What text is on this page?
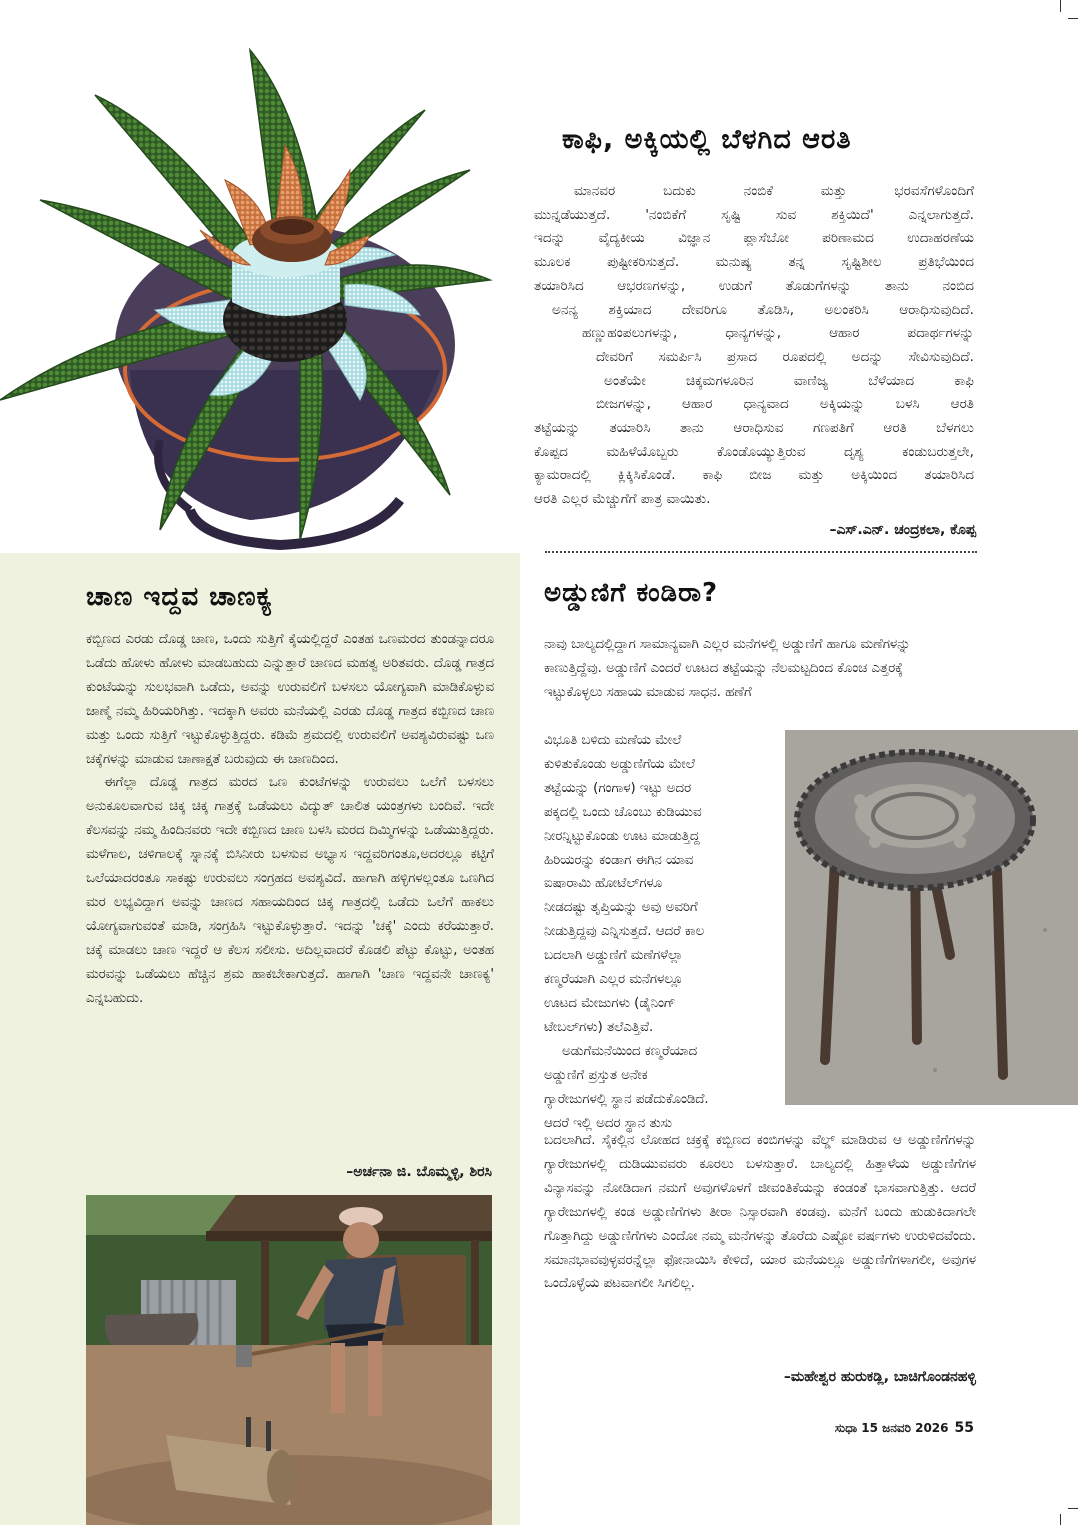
ಕಾಫಿ, ಅಕ್ಕಿಯಲ್ಲಿ ಬೆಳಗಿದ ಆರತಿ

ಮಾನವರ ಬದುಕು ನಂಬಿಕೆ ಮತ್ತು ಭರವಸೆಗಳೊಂದಿಗೆ

ಮುನ್ನಡೆಯುತ್ತದೆ. 'ನಂಬಿಕೆಗೆ ಸೃಷ್ಟಿ ಸುವ ಶಕ್ತಿಯಿದೆ' ಎನ್ನಲಾಗುತ್ತದೆ.

ಇದನ್ನು ವೈದ್ಯಕೀಯ ವಿಜ್ಞಾನ ಪ್ಲಾಸೆಬೋ ಪರಿಣಾಮದ ಉದಾಹರಣೆಯ

ಮೂಲಕ ಪುಷ್ಟೀಕರಿಸುತ್ತದೆ. ಮನುಷ್ಯ ತನ್ನ ಸೃಷ್ಟಿಶೀಲ ಪ್ರತಿಭೆಯಿಂದ

ತಯಾರಿಸಿದ ಆಭರಣಗಳನ್ನು, ಉಡುಗೆ ತೊಡುಗೆಗಳನ್ನು ತಾನು ನಂಬಿದ

ಅನನ್ಯ ಶಕ್ತಿಯಾದ ದೇವರಿಗೂ ತೊಡಿಸಿ, ಅಲಂಕರಿಸಿ ಆರಾಧಿಸುವುದಿದೆ.

ಹಣ್ಣುಹಂಪಲುಗಳನ್ನು, ಧಾನ್ಯಗಳನ್ನು, ಆಹಾರ ಪದಾರ್ಥಗಳನ್ನು

ದೇವರಿಗೆ ಸಮರ್ಪಿಸಿ ಪ್ರಸಾದ ರೂಪದಲ್ಲಿ ಅದನ್ನು ಸೇವಿಸುವುದಿದೆ.

ಅಂತೆಯೇ ಚಿಕ್ಕಮಗಳೂರಿನ ವಾಣಿಜ್ಯ ಬೆಳೆಯಾದ ಕಾಫಿ

ಬೀಜಗಳನ್ನು, ಆಹಾರ ಧಾನ್ಯವಾದ ಅಕ್ಕಿಯನ್ನು ಬಳಸಿ ಆರತಿ

ತಟ್ಟೆಯನ್ನು ತಯಾರಿಸಿ ತಾನು ಆರಾಧಿಸುವ ಗಣಪತಿಗೆ ಆರತಿ ಬೆಳಗಲು

ಕೊಪ್ಪದ ಮಹಿಳೆಯೊಬ್ಬರು ಕೊಂಡೊಯ್ಯುತ್ತಿರುವ ದೃಶ್ಯ ಕಂಡುಬರುತ್ತಲೇ,

ಕ್ಯಾಮರಾದಲ್ಲಿ ಕ್ಲಿಕ್ಕಿಸಿಕೊಂಡೆ. ಕಾಫಿ ಬೀಜ ಮತ್ತು ಅಕ್ಕಿಯಿಂದ ತಯಾರಿಸಿದ

ಆರತಿ ಎಲ್ಲರ ಮೆಚ್ಚುಗೆಗೆ ಪಾತ್ರ ವಾಯಿತು.

–ಎಸ್.ಎನ್. ಚಂದ್ರಕಲಾ, ಕೊಪ್ಪ
ಚಾಣ ಇದ್ದವ ಚಾಣಕ್ಯ

ಕಬ್ಬಿಣದ ಎರಡು ದೊಡ್ಡ ಚಾಣ, ಒಂದು ಸುತ್ತಿಗೆ ಕೈಯಲ್ಲಿದ್ದರೆ ಎಂತಹ ಒಣಮರದ ತುಂಡನ್ನಾದರೂ ಒಡೆದು ಹೋಳು ಹೋಳು ಮಾಡಬಹುದು ಎನ್ನುತ್ತಾರೆ ಚಾಣದ ಮಹತ್ವ ಅರಿತವರು. ದೊಡ್ಡ ಗಾತ್ರದ ಕುಂಟೆಯನ್ನು ಸುಲಭವಾಗಿ ಒಡೆದು, ಅವನ್ನು ಉರುವಲಿಗೆ ಬಳಸಲು ಯೋಗ್ಯವಾಗಿ ಮಾಡಿಕೊಳ್ಳುವ ಜಾಣ್ಮೆ ನಮ್ಮ ಹಿರಿಯರಿಗಿತ್ತು. ಇದಕ್ಕಾಗಿ ಅವರು ಮನೆಯಲ್ಲಿ ಎರಡು ದೊಡ್ಡ ಗಾತ್ರದ ಕಬ್ಬಿಣದ ಚಾಣ ಮತ್ತು ಒಂದು ಸುತ್ತಿಗೆ ಇಟ್ಟುಕೊಳ್ಳುತ್ತಿದ್ದರು. ಕಡಿಮೆ ಶ್ರಮದಲ್ಲಿ ಉರುವಲಿಗೆ ಅವಶ್ಯವಿರುವಷ್ಟು ಒಣ ಚಕ್ಕೆಗಳನ್ನು ಮಾಡುವ ಚಾಣಾಕ್ಷತೆ ಬರುವುದು ಈ ಚಾಣದಿಂದ.

ಈಗೆಲ್ಲಾ ದೊಡ್ಡ ಗಾತ್ರದ ಮರದ ಒಣ ಕುಂಟೆಗಳನ್ನು ಉರುವಲು ಒಲೆಗೆ ಬಳಸಲು ಅನುಕೂಲವಾಗುವ ಚಿಕ್ಕ ಚಿಕ್ಕ ಗಾತ್ರಕ್ಕೆ ಒಡೆಯಲು ವಿದ್ಯುತ್ ಚಾಲಿತ ಯಂತ್ರಗಳು ಬಂದಿವೆ. ಇದೇ ಕೆಲಸವನ್ನು ನಮ್ಮ ಹಿಂದಿನವರು ಇದೇ ಕಬ್ಬಿಣದ ಚಾಣ ಬಳಸಿ ಮರದ ದಿಮ್ಮಿಗಳನ್ನು ಒಡೆಯುತ್ತಿದ್ದರು. ಮಳೆಗಾಲ, ಚಳಿಗಾಲಕ್ಕೆ ಸ್ನಾನಕ್ಕೆ ಬಿಸಿನೀರು ಬಳಸುವ ಅಭ್ಯಾಸ ಇದ್ದವರಿಗಂತೂ,ಅದರಲ್ಲೂ ಕಟ್ಟಿಗೆ ಒಲೆಯಾದರಂತೂ ಸಾಕಷ್ಟು ಉರುವಲು ಸಂಗ್ರಹದ ಅವಶ್ಯವಿದೆ. ಹಾಗಾಗಿ ಹಳ್ಳಿಗಳಲ್ಲಂತೂ ಒಣಗಿದ ಮರ ಲಭ್ಯವಿದ್ದಾಗ ಅವನ್ನು ಚಾಣದ ಸಹಾಯದಿಂದ ಚಿಕ್ಕ ಗಾತ್ರದಲ್ಲಿ ಒಡೆದು ಒಲೆಗೆ ಹಾಕಲು ಯೋಗ್ಯವಾಗುವಂತೆ ಮಾಡಿ, ಸಂಗ್ರಹಿಸಿ ಇಟ್ಟುಕೊಳ್ಳುತ್ತಾರೆ. ಇದನ್ನು 'ಚಕ್ಕೆ' ಎಂದು ಕರೆಯುತ್ತಾರೆ. ಚಕ್ಕೆ ಮಾಡಲು ಚಾಣ ಇದ್ದರೆ ಆ ಕೆಲಸ ಸಲೀಸು. ಅದಿಲ್ಲವಾದರೆ ಕೊಡಲಿ ಪೆಟ್ಟು ಕೊಟ್ಟು, ಅಂತಹ ಮರವನ್ನು ಒಡೆಯಲು ಹೆಚ್ಚಿನ ಶ್ರಮ ಹಾಕಬೇಕಾಗುತ್ತದೆ. ಹಾಗಾಗಿ 'ಚಾಣ ಇದ್ದವನೇ ಚಾಣಕ್ಯ' ಎನ್ನಬಹುದು.

–ಅರ್ಚನಾ ಜಿ. ಬೊಮ್ಮಳ್ಳಿ, ಶಿರಸಿ
ಅಡ್ಡುಣಿಗೆ ಕಂಡಿರಾ?
ನಾವು ಬಾಲ್ಯದಲ್ಲಿದ್ದಾಗ ಸಾಮಾನ್ಯವಾಗಿ ಎಲ್ಲರ ಮನೆಗಳಲ್ಲಿ ಅಡ್ಡುಣಿಗೆ ಹಾಗೂ ಮಣೆಗಳನ್ನು ಕಾಣುತ್ತಿದ್ದೆವು. ಅಡ್ಡುಣಿಗೆ ಎಂದರೆ ಊಟದ ತಟ್ಟೆಯನ್ನು ನೆಲಮಟ್ಟದಿಂದ ಕೊಂಚ ಎತ್ತರಕ್ಕೆ ಇಟ್ಟುಕೊಳ್ಳಲು ಸಹಾಯ ಮಾಡುವ ಸಾಧನ. ಹಣೆಗೆ

ವಿಭೂತಿ ಬಳಿದು ಮಣೆಯ ಮೇಲೆ

ಕುಳಿತುಕೊಂಡು ಅಡ್ಡುಣಿಗೆಯ ಮೇಲೆ

ತಟ್ಟೆಯನ್ನು (ಗಂಗಾಳ) ಇಟ್ಟು ಅದರ

ಪಕ್ಕದಲ್ಲಿ ಒಂದು ಚೊಂಬು ಕುಡಿಯುವ

ನೀರನ್ನಿಟ್ಟುಕೊಂಡು ಊಟ ಮಾಡುತ್ತಿದ್ದ

ಹಿರಿಯರನ್ನು ಕಂಡಾಗ ಈಗಿನ ಯಾವ

ಐಷಾರಾಮಿ ಹೋಟೆಲ್‌ಗಳೂ

ನೀಡದಷ್ಟು ತೃಪ್ತಿಯನ್ನು ಅವು ಅವರಿಗೆ

ನೀಡುತ್ತಿದ್ದವು ಎನ್ನಿಸುತ್ತದೆ. ಆದರೆ ಕಾಲ

ಬದಲಾಗಿ ಅಡ್ಡುಣಿಗೆ ಮಣೆಗಳೆಲ್ಲಾ

ಕಣ್ಮರೆಯಾಗಿ ಎಲ್ಲರ ಮನೆಗಳಲ್ಲೂ

ಊಟದ ಮೇಜುಗಳು (ಡೈನಿಂಗ್

ಟೇಬಲ್‌ಗಳು) ತಲೆಎತ್ತಿವೆ.

ಅಡುಗೆಮನೆಯಿಂದ ಕಣ್ಮರೆಯಾದ

ಅಡ್ಡುಣಿಗೆ ಪ್ರಸ್ತುತ ಅನೇಕ

ಗ್ಯಾರೇಜುಗಳಲ್ಲಿ ಸ್ಥಾನ ಪಡೆದುಕೊಂಡಿದೆ.

ಆದರೆ ಇಲ್ಲಿ ಅದರ ಸ್ಥಾನ ತುಸು

ಬದಲಾಗಿದೆ. ಸೈಕಲ್ಲಿನ ಲೋಹದ ಚಕ್ರಕ್ಕೆ ಕಬ್ಬಿಣದ ಕಂಬಿಗಳನ್ನು ವೆಲ್ಡ್ ಮಾಡಿರುವ ಆ ಅಡ್ಡುಣಿಗೆಗಳನ್ನು ಗ್ಯಾರೇಜುಗಳಲ್ಲಿ ದುಡಿಯುವವರು ಕೂರಲು ಬಳಸುತ್ತಾರೆ. ಬಾಲ್ಯದಲ್ಲಿ ಹಿತ್ತಾಳೆಯ ಅಡ್ಡುಣಿಗೆಗಳ ವಿನ್ಯಾಸವನ್ನು ನೋಡಿದಾಗ ನಮಗೆ ಅವುಗಳೊಳಗೆ ಜೀವಂತಿಕೆಯನ್ನು ಕಂಡಂತೆ ಭಾಸವಾಗುತ್ತಿತ್ತು. ಆದರೆ ಗ್ಯಾರೇಜುಗಳಲ್ಲಿ ಕಂಡ ಅಡ್ಡುಣಿಗೆಗಳು ತೀರಾ ನಿಸ್ಸಾರವಾಗಿ ಕಂಡವು. ಮನೆಗೆ ಬಂದು ಹುಡುಕಿದಾಗಲೇ ಗೊತ್ತಾಗಿದ್ದು ಅಡ್ಡುಣಿಗೆಗಳು ಎಂದೋ ನಮ್ಮ ಮನೆಗಳನ್ನು ತೊರೆದು ಎಷ್ಟೋ ವರ್ಷಗಳು ಉರುಳಿದವೆಂದು. ಸಮಾನಭಾವವುಳ್ಳವರನ್ನೆಲ್ಲಾ ಫೋನಾಯಿಸಿ ಕೇಳಿದೆ, ಯಾರ ಮನೆಯಲ್ಲೂ ಅಡ್ಡುಣಿಗೆಗಳಾಗಲೀ, ಅವುಗಳ ಒಂದೊಳ್ಳೆಯ ಪಟವಾಗಲೀ ಸಿಗಲಿಲ್ಲ.
–ಮಹೇಶ್ವರ ಹುರುಕಡ್ಲಿ, ಬಾಚಿಗೊಂಡನಹಳ್ಳಿ
ಸುಧಾ 15 ಜನವರಿ 2026 55
